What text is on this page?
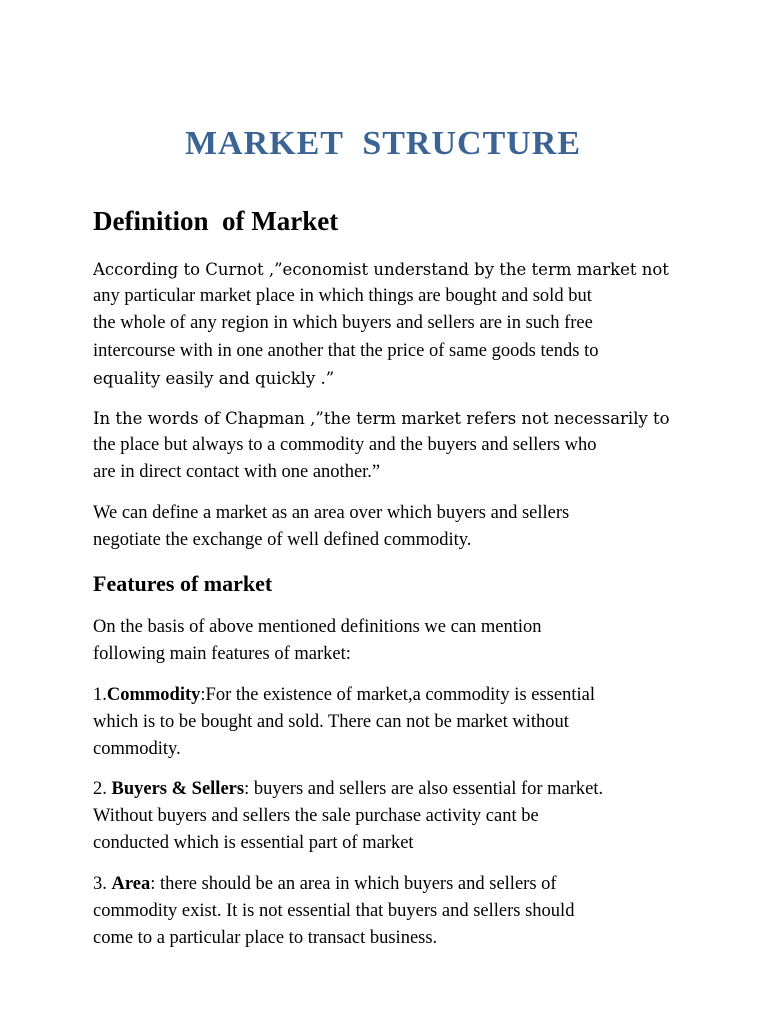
MARKET  STRUCTURE
Definition  of Market
According to Curnot ,”economist understand by the term market not
any particular market place in which things are bought and sold but
the whole of any region in which buyers and sellers are in such free
intercourse with in one another that the price of same goods tends to
equality easily and quickly .”
In the words of Chapman ,”the term market refers not necessarily to
the place but always to a commodity and the buyers and sellers who
are in direct contact with one another.”
We can define a market as an area over which buyers and sellers
negotiate the exchange of well defined commodity.
Features of market
On the basis of above mentioned definitions we can mention
following main features of market:
1.Commodity:For the existence of market,a commodity is essential
which is to be bought and sold. There can not be market without
commodity.
2. Buyers & Sellers: buyers and sellers are also essential for market.
Without buyers and sellers the sale purchase activity cant be
conducted which is essential part of market
3. Area: there should be an area in which buyers and sellers of
commodity exist. It is not essential that buyers and sellers should
come to a particular place to transact business.
